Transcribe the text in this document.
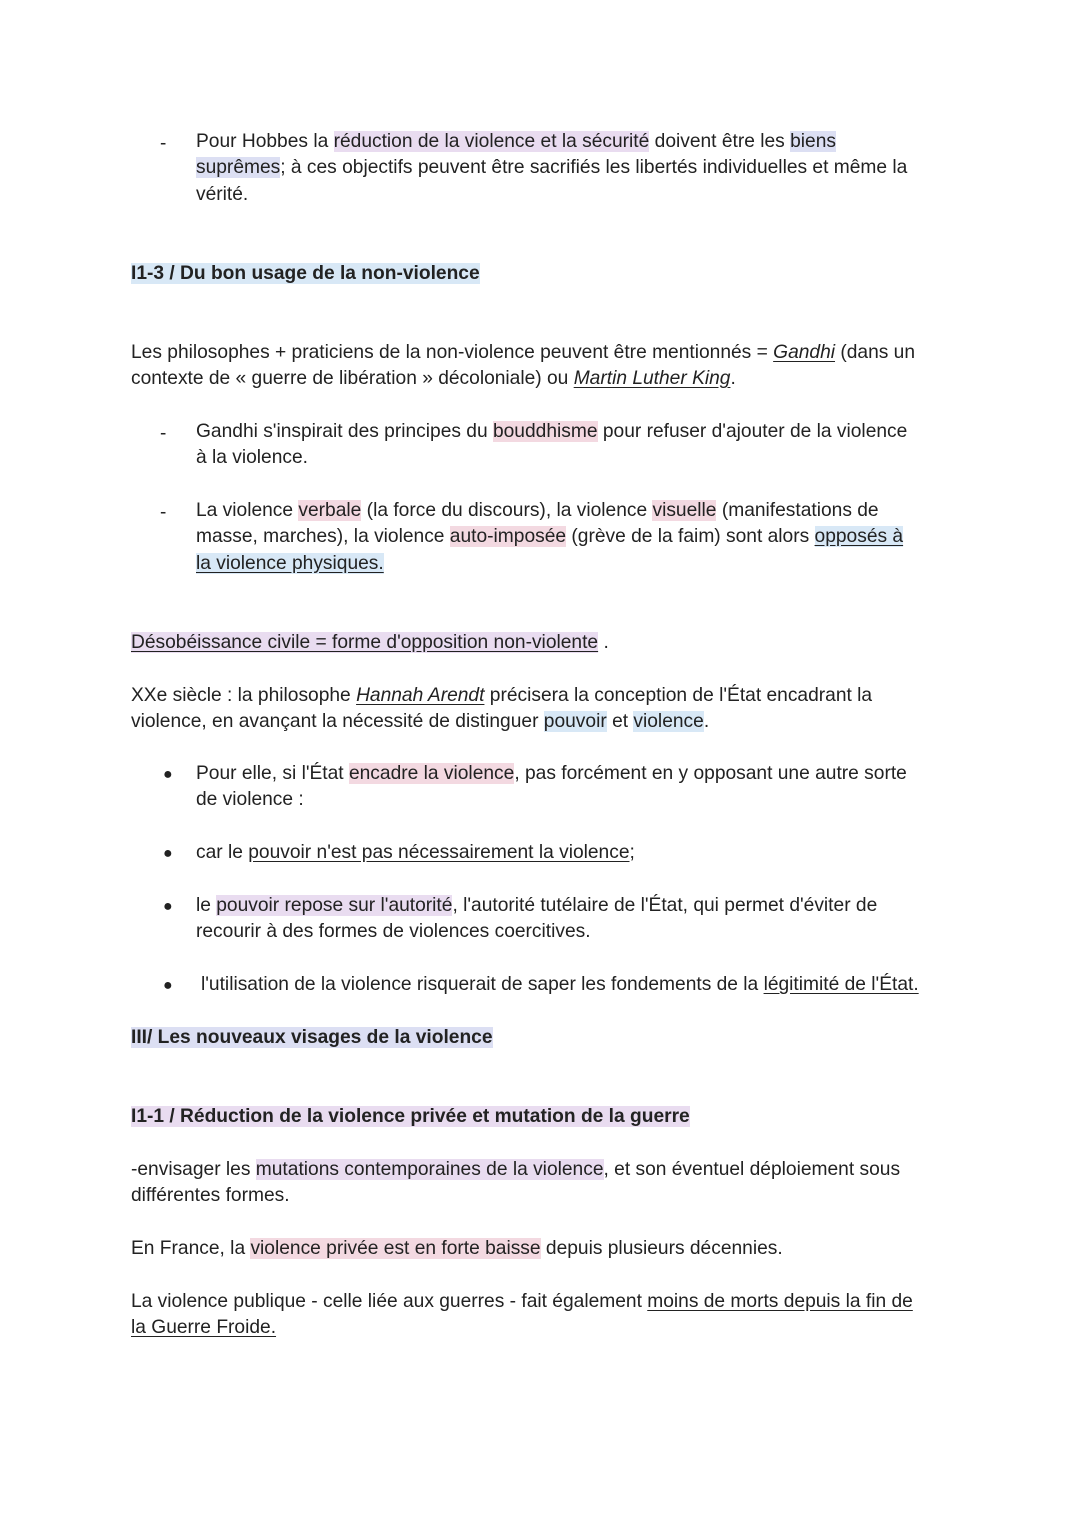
- Pour Hobbes la réduction de la violence et la sécurité doivent être les biens
suprêmes; à ces objectifs peuvent être sacrifiés les libertés individuelles et même la
vérité.
I1-3 / Du bon usage de la non-violence
Les philosophes + praticiens de la non-violence peuvent être mentionnés = Gandhi (dans un
contexte de « guerre de libération » décoloniale) ou Martin Luther King.
- Gandhi s'inspirait des principes du bouddhisme pour refuser d'ajouter de la violence
à la violence.
- La violence verbale (la force du discours), la violence visuelle (manifestations de
masse, marches), la violence auto-imposée (grève de la faim) sont alors opposés à
la violence physiques.
Désobéissance civile = forme d'opposition non-violente .
XXe siècle : la philosophe Hannah Arendt précisera la conception de l'État encadrant la
violence, en avançant la nécessité de distinguer pouvoir et violence.
● Pour elle, si l'État encadre la violence, pas forcément en y opposant une autre sorte
de violence :
● car le pouvoir n'est pas nécessairement la violence;
● le pouvoir repose sur l'autorité, l'autorité tutélaire de l'État, qui permet d'éviter de
recourir à des formes de violences coercitives.
● l'utilisation de la violence risquerait de saper les fondements de la légitimité de l'État.
III/ Les nouveaux visages de la violence
I1-1 / Réduction de la violence privée et mutation de la guerre
-envisager les mutations contemporaines de la violence, et son éventuel déploiement sous
différentes formes.
En France, la violence privée est en forte baisse depuis plusieurs décennies.
La violence publique - celle liée aux guerres - fait également moins de morts depuis la fin de
la Guerre Froide.
